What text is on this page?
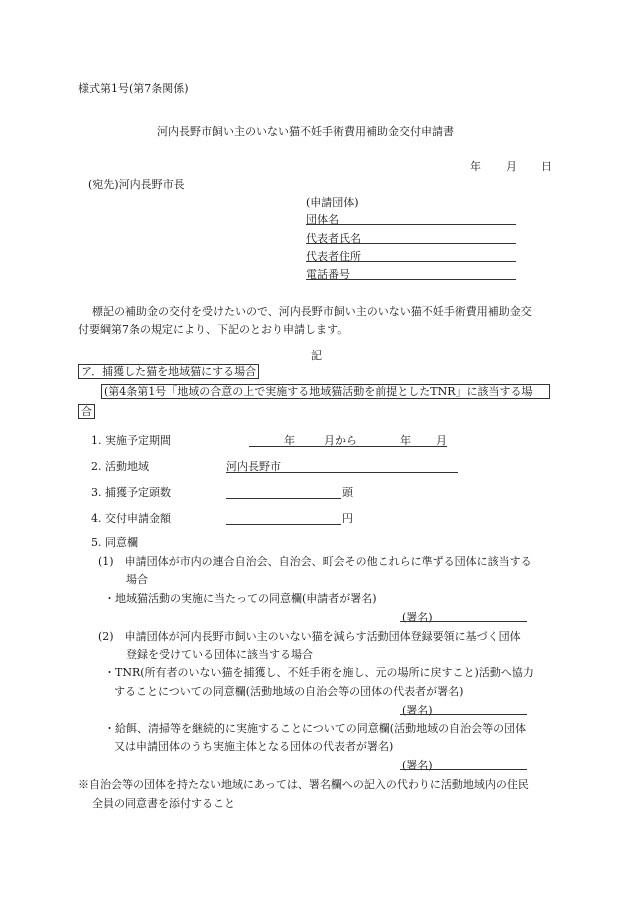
様式第1号(第7条関係)
河内長野市飼い主のいない猫不妊手術費用補助金交付申請書
年 月 日
(宛先)河内長野市長
(申請団体)
団体名
代表者氏名
代表者住所
電話番号
標記の補助金の交付を受けたいので、河内長野市飼い主のいない猫不妊手術費用補助金交
付要綱第7条の規定により、下記のとおり申請します。
記
ア．捕獲した猫を地域猫にする場合
(第4条第1号「地域の合意の上で実施する地域猫活動を前提としたTNR」に該当する場
合
1. 実施予定期間	年	月から	年 月
2. 活動地域	河内長野市
3. 捕獲予定頭数	頭
4. 交付申請金額	円
5. 同意欄
(1)　申請団体が市内の連合自治会、自治会、町会その他これらに準ずる団体に該当する
場合
・地域猫活動の実施に当たっての同意欄(申請者が署名)
(署名)
(2)　申請団体が河内長野市飼い主のいない猫を減らす活動団体登録要領に基づく団体
登録を受けている団体に該当する場合
・TNR(所有者のいない猫を捕獲し、不妊手術を施し、元の場所に戻すこと)活動へ協力
することについての同意欄(活動地域の自治会等の団体の代表者が署名)
(署名)
・給餌、清掃等を継続的に実施することについての同意欄(活動地域の自治会等の団体
又は申請団体のうち実施主体となる団体の代表者が署名)
(署名)
※自治会等の団体を持たない地域にあっては、署名欄への記入の代わりに活動地域内の住民
全員の同意書を添付すること
